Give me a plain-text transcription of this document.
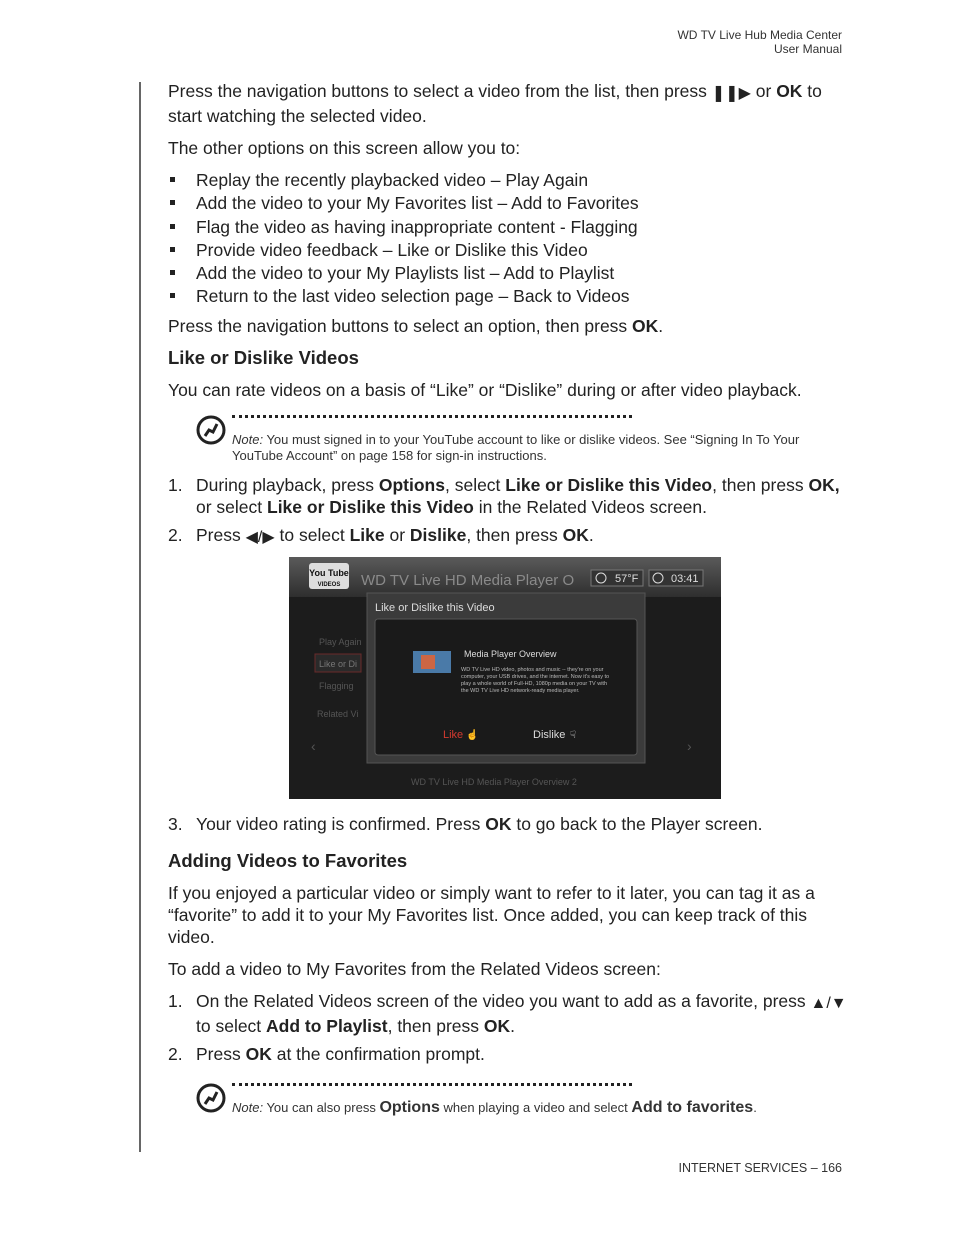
WD TV Live Hub Media Center
User Manual

Press the navigation buttons to select a video from the list, then press ❚❚▶ or OK to start watching the selected video.

The other options on this screen allow you to:

Replay the recently playbacked video – Play Again
Add the video to your My Favorites list – Add to Favorites
Flag the video as having inappropriate content - Flagging
Provide video feedback – Like or Dislike this Video
Add the video to your My Playlists list – Add to Playlist
Return to the last video selection page – Back to Videos

Press the navigation buttons to select an option, then press OK.

Like or Dislike Videos

You can rate videos on a basis of “Like” or “Dislike” during or after video playback.

Note: You must signed in to your YouTube account to like or dislike videos. See “Signing In To Your YouTube Account” on page 158 for sign-in instructions.
1. During playback, press Options, select Like or Dislike this Video, then press OK, or select Like or Dislike this Video in the Related Videos screen.
2. Press ◀/▶ to select Like or Dislike, then press OK.
You Tube
VIDEOS WD TV Live HD Media Player O	57°F	03:41
Play Again
Like or Di
Flagging
Related Vi
‹	›
Like or Dislike this Video
Media Player Overview
WD TV Live HD video, photos and music -- they're on your computer, your USB drives, and the internet. Now it's easy to play a whole world of Full-HD, 1080p media on your TV with the WD TV Live HD network-ready media player.
Like ☝	Dislike ☟
WD TV Live HD Media Player Overview 2
3. Your video rating is confirmed. Press OK to go back to the Player screen.
Adding Videos to Favorites

If you enjoyed a particular video or simply want to refer to it later, you can tag it as a “favorite” to add it to your My Favorites list. Once added, you can keep track of this video.

To add a video to My Favorites from the Related Videos screen:

1. On the Related Videos screen of the video you want to add as a favorite, press ▲/▼ to select Add to Playlist, then press OK.
2. Press OK at the confirmation prompt.
Note: You can also press Options when playing a video and select Add to favorites.
INTERNET SERVICES – 166
